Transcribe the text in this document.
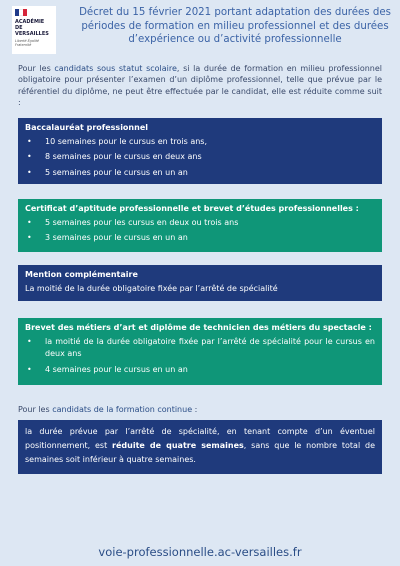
ACADÉMIE
DE VERSAILLES
Liberté Égalité Fraternité
Décret du 15 février 2021 portant adaptation des durées des périodes de formation en milieu professionnel et des durées d’expérience ou d’activité professionnelle
Pour les candidats sous statut scolaire, si la durée de formation en milieu professionnel obligatoire pour présenter l’examen d’un diplôme professionnel, telle que prévue par le référentiel du diplôme, ne peut être effectuée par le candidat, elle est réduite comme suit :
Baccalauréat professionnel
• 10 semaines pour le cursus en trois ans,
• 8 semaines pour le cursus en deux ans
• 5 semaines pour le cursus en un an
Certificat d’aptitude professionnelle et brevet d’études professionnelles :
• 5 semaines pour les cursus en deux ou trois ans
• 3 semaines pour le cursus en un an
Mention complémentaire
La moitié de la durée obligatoire fixée par l’arrêté de spécialité
Brevet des métiers d’art et diplôme de technicien des métiers du spectacle :
• la moitié de la durée obligatoire fixée par l’arrêté de spécialité pour le cursus en deux ans
• 4 semaines pour le cursus en un an
Pour les candidats de la formation continue :
la durée prévue par l’arrêté de spécialité, en tenant compte d’un éventuel positionnement, est réduite de quatre semaines, sans que le nombre total de semaines soit inférieur à quatre semaines.
voie-professionnelle.ac-versailles.fr
